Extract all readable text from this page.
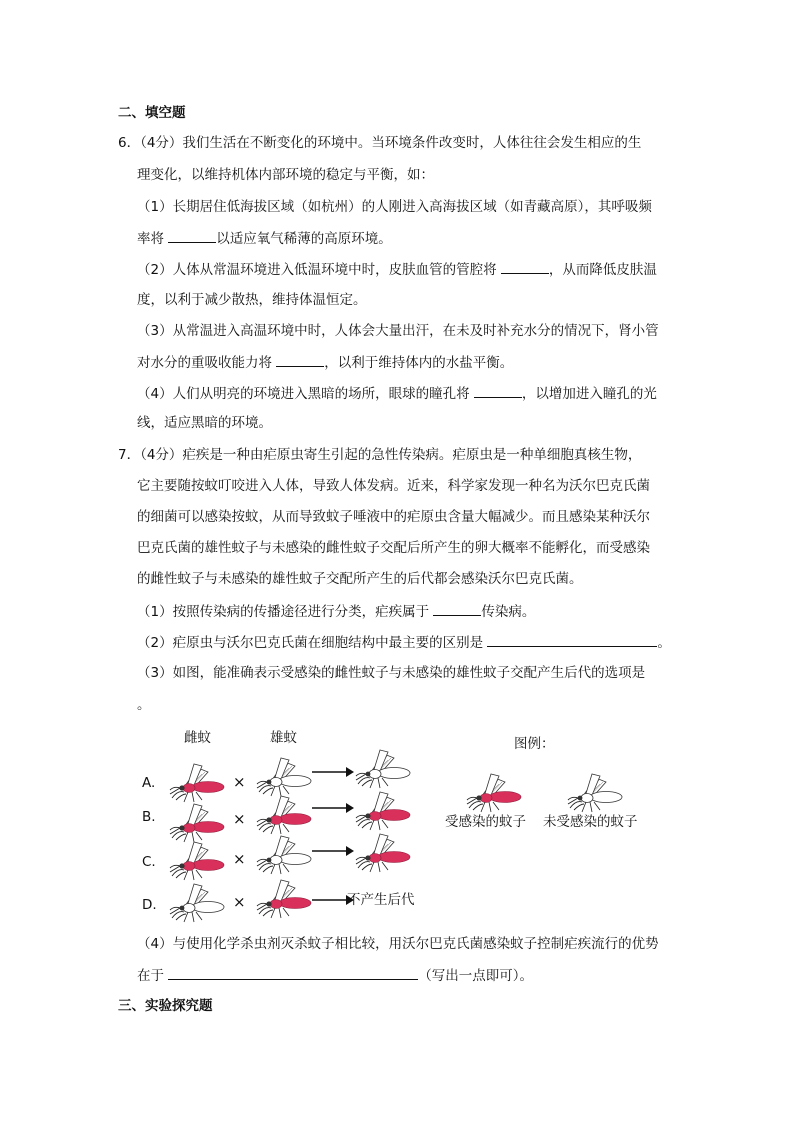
二、填空题
6．（4分）我们生活在不断变化的环境中。当环境条件改变时，人体往往会发生相应的生
理变化，以维持机体内部环境的稳定与平衡，如：
（1）长期居住低海拔区域（如杭州）的人刚进入高海拔区域（如青藏高原），其呼吸频
率将	以适应氧气稀薄的高原环境。
（2）人体从常温环境进入低温环境中时，皮肤血管的管腔将	，从而降低皮肤温
度，以利于减少散热，维持体温恒定。
（3）从常温进入高温环境中时，人体会大量出汗，在未及时补充水分的情况下，肾小管
对水分的重吸收能力将	，以利于维持体内的水盐平衡。
（4）人们从明亮的环境进入黑暗的场所，眼球的瞳孔将	，以增加进入瞳孔的光
线，适应黑暗的环境。
7．（4分）疟疾是一种由疟原虫寄生引起的急性传染病。疟原虫是一种单细胞真核生物，
它主要随按蚊叮咬进入人体，导致人体发病。近来，科学家发现一种名为沃尔巴克氏菌
的细菌可以感染按蚊，从而导致蚊子唾液中的疟原虫含量大幅减少。而且感染某种沃尔
巴克氏菌的雄性蚊子与未感染的雌性蚊子交配后所产生的卵大概率不能孵化，而受感染
的雌性蚊子与未感染的雄性蚊子交配所产生的后代都会感染沃尔巴克氏菌。
（1）按照传染病的传播途径进行分类，疟疾属于	传染病。
（2）疟原虫与沃尔巴克氏菌在细胞结构中最主要的区别是	。
（3）如图，能准确表示受感染的雌性蚊子与未感染的雄性蚊子交配产生后代的选项是
。
雌蚊	雄蚊
A.	×
B.	×
C.	×
D.	×	不产生后代
图例：
受感染的蚊子 未受感染的蚊子
（4）与使用化学杀虫剂灭杀蚊子相比较，用沃尔巴克氏菌感染蚊子控制疟疾流行的优势
在于	（写出一点即可）。
三、实验探究题
